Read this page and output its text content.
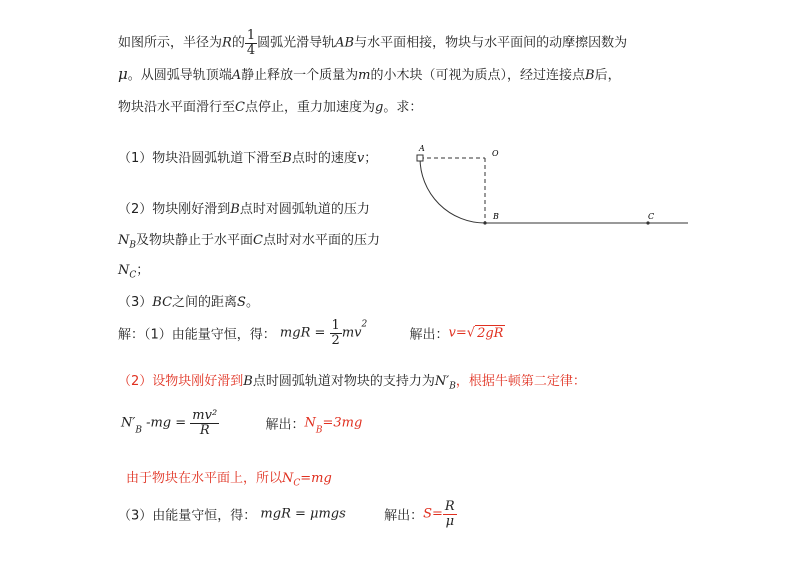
如图所示，半径为R的 $\frac{1}{4}$ 圆弧光滑导轨AB与水平面相接，物块与水平面间的动摩擦因数为
μ。从圆弧导轨顶端A静止释放一个质量为m的小木块（可视为质点），经过连接点B后，
物块沿水平面滑行至C点停止，重力加速度为g。求：
（1）物块沿圆弧轨道下滑至B点时的速度v；
（2）物块刚好滑到B点时对圆弧轨道的压力
$N_B$及物块静止于水平面C点时对水平面的压力
$N_C$；
（3）BC之间的距离S。
A
O
B	C
解：（1）由能量守恒，得： mgR = $\frac{1}{2} mv^2$  解出：v=√ 2gR
（2）设物块刚好滑到B点时圆弧轨道对物块的支持力为$N'_B$，根据牛顿第二定律：
$N'_B$ $-mg = \frac{\text{mv²}}{R}$	解出：$N_B=3mg$
由于物块在水平面上，所以$N_C=mg$
（3）由能量守恒，得： mgR = μmgs	解出：$S= \frac{R}{\mu}$
